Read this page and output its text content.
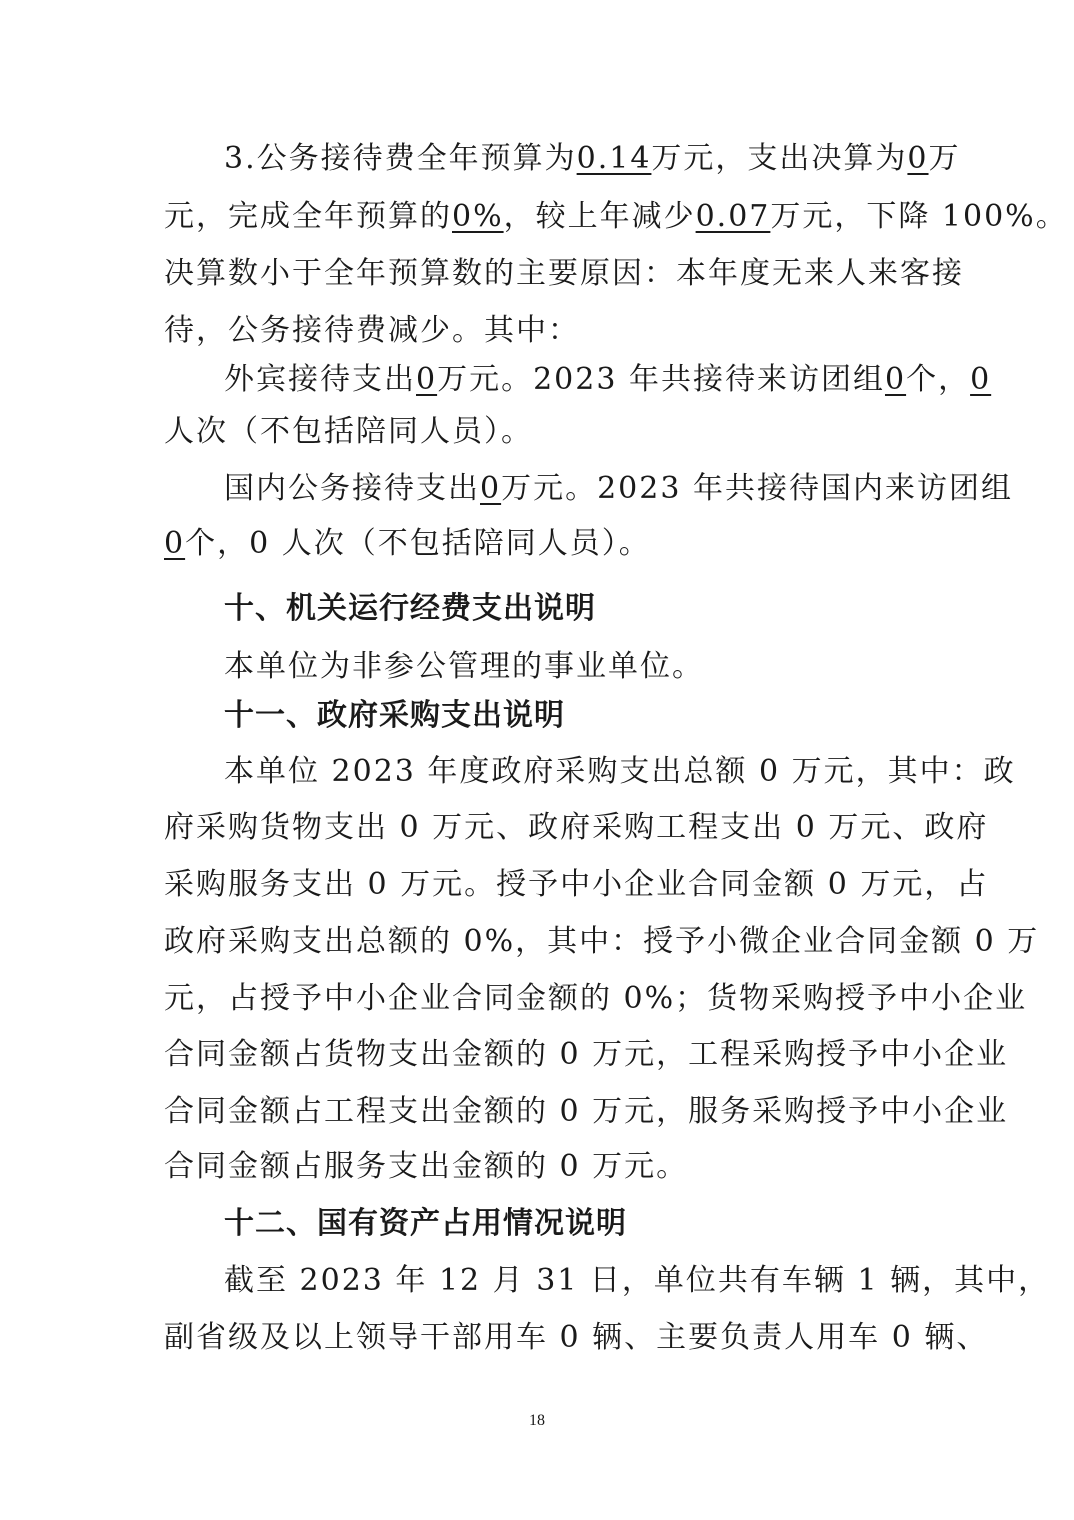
3.公务接待费全年预算为0.14万元，支出决算为0万
元，完成全年预算的0%，较上年减少0.07万元，下降 100%。
决算数小于全年预算数的主要原因：本年度无来人来客接
待，公务接待费减少。其中：
外宾接待支出0万元。2023 年共接待来访团组0个，0
人次（不包括陪同人员）。
国内公务接待支出0万元。2023 年共接待国内来访团组
0个，0 人次（不包括陪同人员）。
十、机关运行经费支出说明
本单位为非参公管理的事业单位。
十一、政府采购支出说明
本单位 2023 年度政府采购支出总额 0 万元，其中：政
府采购货物支出 0 万元、政府采购工程支出 0 万元、政府
采购服务支出 0 万元。授予中小企业合同金额 0 万元，占
政府采购支出总额的 0%，其中：授予小微企业合同金额 0 万
元，占授予中小企业合同金额的 0%；货物采购授予中小企业
合同金额占货物支出金额的 0 万元，工程采购授予中小企业
合同金额占工程支出金额的 0 万元，服务采购授予中小企业
合同金额占服务支出金额的 0 万元。
十二、国有资产占用情况说明
截至 2023 年 12 月 31 日，单位共有车辆 1 辆，其中，
副省级及以上领导干部用车 0 辆、主要负责人用车 0 辆、
18
